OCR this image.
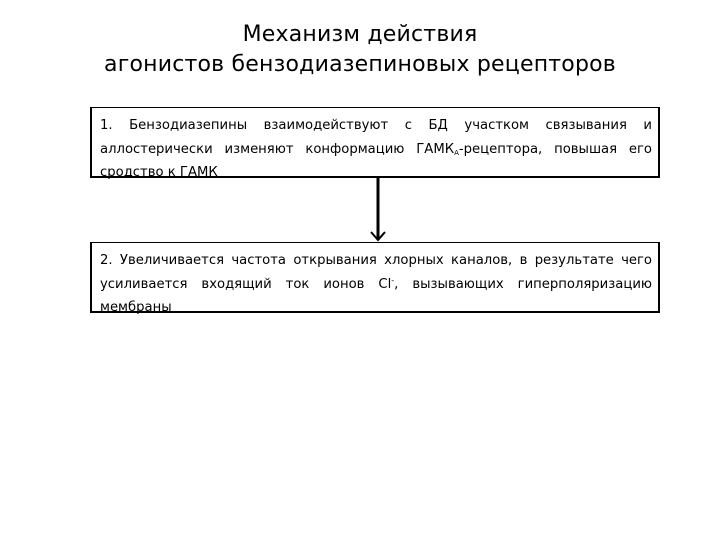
Механизм действия
агонистов бензодиазепиновых рецепторов
1. Бензодиазепины взаимодействуют с БД участком связывания и аллостерически изменяют конформацию $ГАМК_А$-рецептора, повышая его сродство к ГАМК
2. Увеличивается частота открывания хлорных каналов, в результате чего усиливается входящий ток ионов Cl-, вызывающих гиперполяризацию мембраны
